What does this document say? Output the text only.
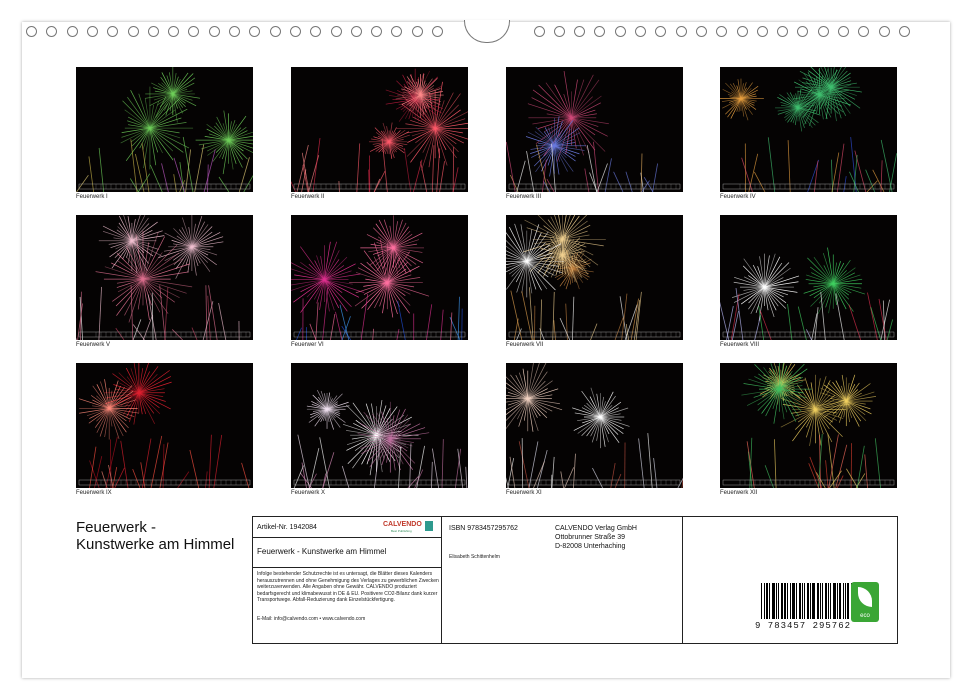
Feuerwerk I	Feuerwerk II	Feuerwerk III	Feuerwerk IV
Feuerwerk V	Feuerwer VI	Feuerwerk VII	Feuerwerk VIII
Feuerwerk IX	Feuerwerk X	Feuerwerk XI	Feuerwerk XII
Feuerwerk -
Kunstwerke am Himmel
Artikel-Nr. 1942084	CALVENDO
Best Publishing
Feuerwerk - Kunstwerke am Himmel
Infolge bestehender Schutzrechte ist es untersagt, die Blätter dieses Kalenders herauszutrennen und ohne Genehmigung des Verlages zu gewerblichen Zwecken weiterzuverwenden. Alle Angaben ohne Gewähr. CALVENDO produziert bedarfsgerecht und klimabewusst in DE & EU. Positivere CO2-Bilanz dank kurzer Transportwege. Abfall-Reduzierung dank Einzelstückfertigung.
E-Mail: info@calvendo.com • www.calvendo.com
ISBN 9783457295762	CALVENDO Verlag GmbH
Ottobrunner Straße 39
D-82008 Unterhaching
Elisabeth Schittenhelm
9 783457 295762
eco
